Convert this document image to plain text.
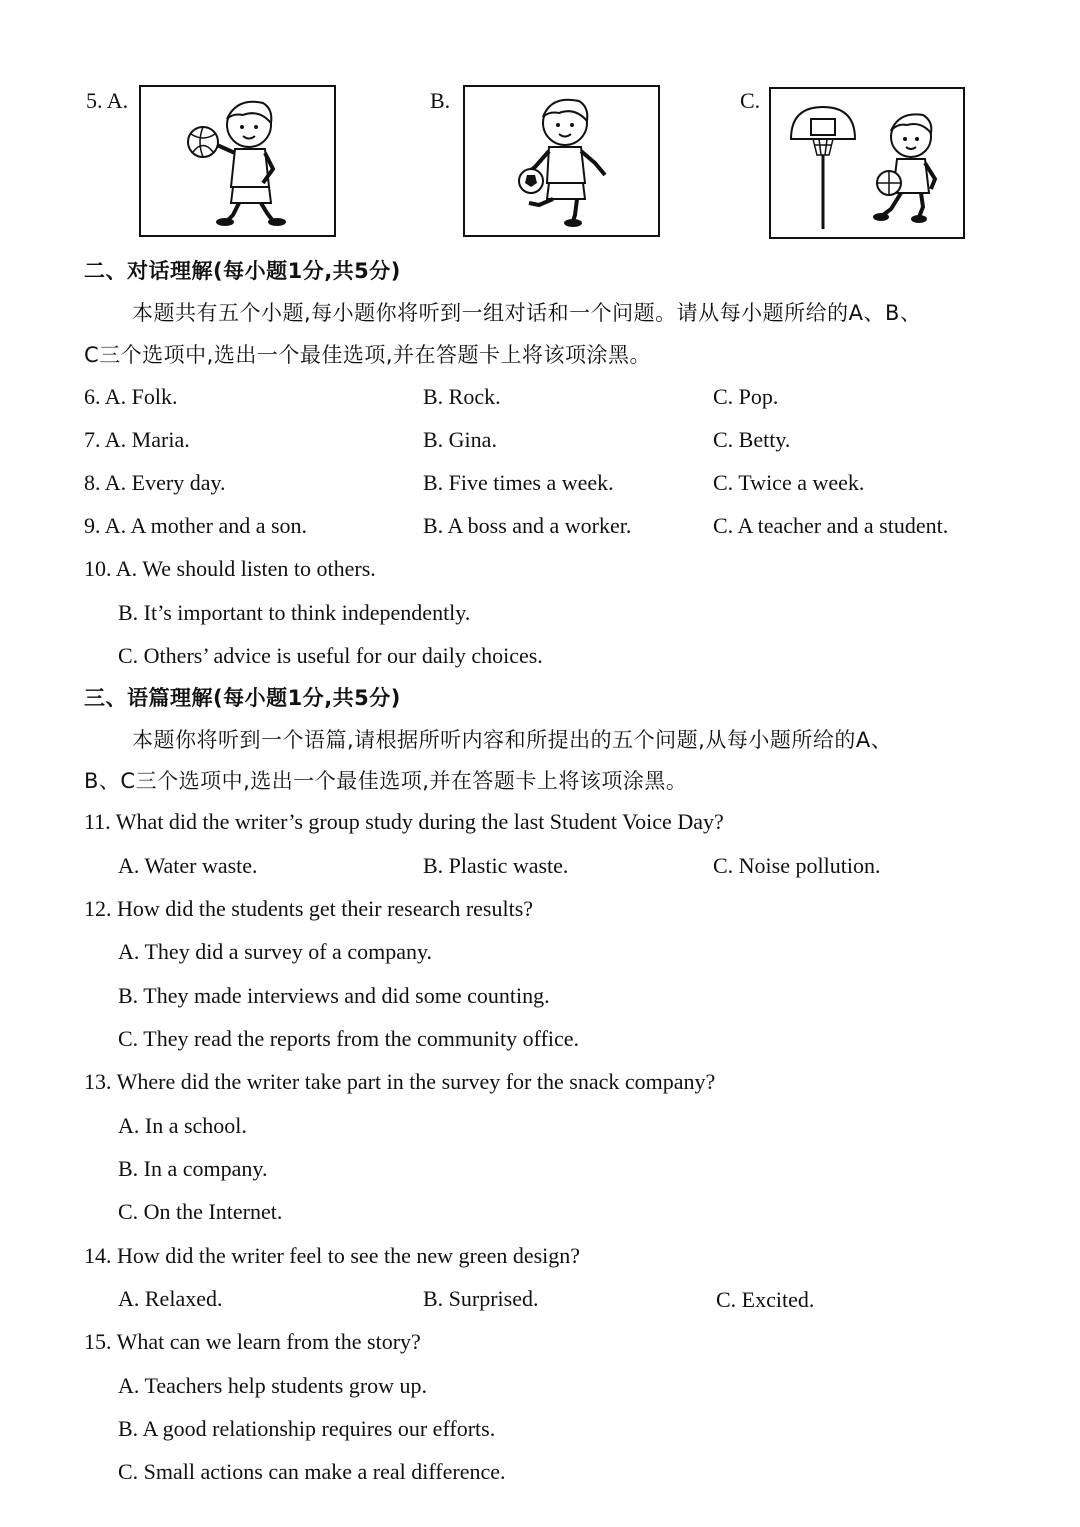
5. A.	B.	C.
二、对话理解(每小题1分,共5分)
本题共有五个小题,每小题你将听到一组对话和一个问题。请从每小题所给的A、B、
C三个选项中,选出一个最佳选项,并在答题卡上将该项涂黑。
6. A. Folk.	B. Rock.	C. Pop.
7. A. Maria.	B. Gina.	C. Betty.
8. A. Every day.	B. Five times a week.	C. Twice a week.
9. A. A mother and a son.	B. A boss and a worker.	C. A teacher and a student.
10. A. We should listen to others.
B. It’s important to think independently.
C. Others’ advice is useful for our daily choices.
三、语篇理解(每小题1分,共5分)
本题你将听到一个语篇,请根据所听内容和所提出的五个问题,从每小题所给的A、
B、C三个选项中,选出一个最佳选项,并在答题卡上将该项涂黑。
11. What did the writer’s group study during the last Student Voice Day?
A. Water waste.	B. Plastic waste.	C. Noise pollution.
12. How did the students get their research results?
A. They did a survey of a company.
B. They made interviews and did some counting.
C. They read the reports from the community office.
13. Where did the writer take part in the survey for the snack company?
A. In a school.
B. In a company.
C. On the Internet.
14. How did the writer feel to see the new green design?
A. Relaxed.	B. Surprised.	C. Excited.
15. What can we learn from the story?
A. Teachers help students grow up.
B. A good relationship requires our efforts.
C. Small actions can make a real difference.
